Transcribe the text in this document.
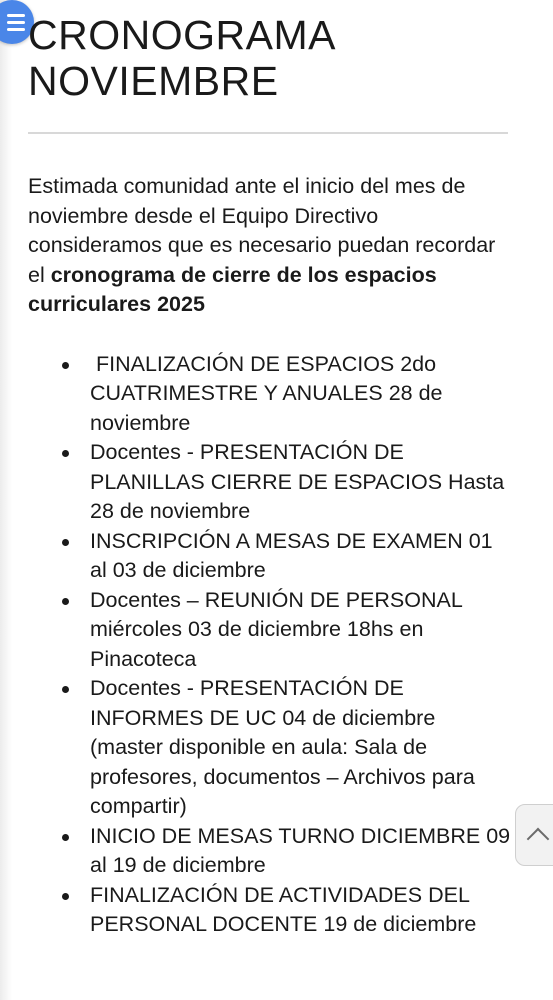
CRONOGRAMA
NOVIEMBRE

Estimada comunidad ante el inicio del mes de noviembre desde el Equipo Directivo consideramos que es necesario puedan recordar el cronograma de cierre de los espacios curriculares 2025

FINALIZACIÓN DE ESPACIOS 2do CUATRIMESTRE Y ANUALES 28 de noviembre
Docentes - PRESENTACIÓN DE PLANILLAS CIERRE DE ESPACIOS Hasta 28 de noviembre
INSCRIPCIÓN A MESAS DE EXAMEN 01 al 03 de diciembre
Docentes – REUNIÓN DE PERSONAL miércoles 03 de diciembre 18hs en Pinacoteca
Docentes - PRESENTACIÓN DE INFORMES DE UC 04 de diciembre (master disponible en aula: Sala de profesores, documentos – Archivos para compartir)
INICIO DE MESAS TURNO DICIEMBRE 09 al 19 de diciembre
FINALIZACIÓN DE ACTIVIDADES DEL PERSONAL DOCENTE 19 de diciembre
